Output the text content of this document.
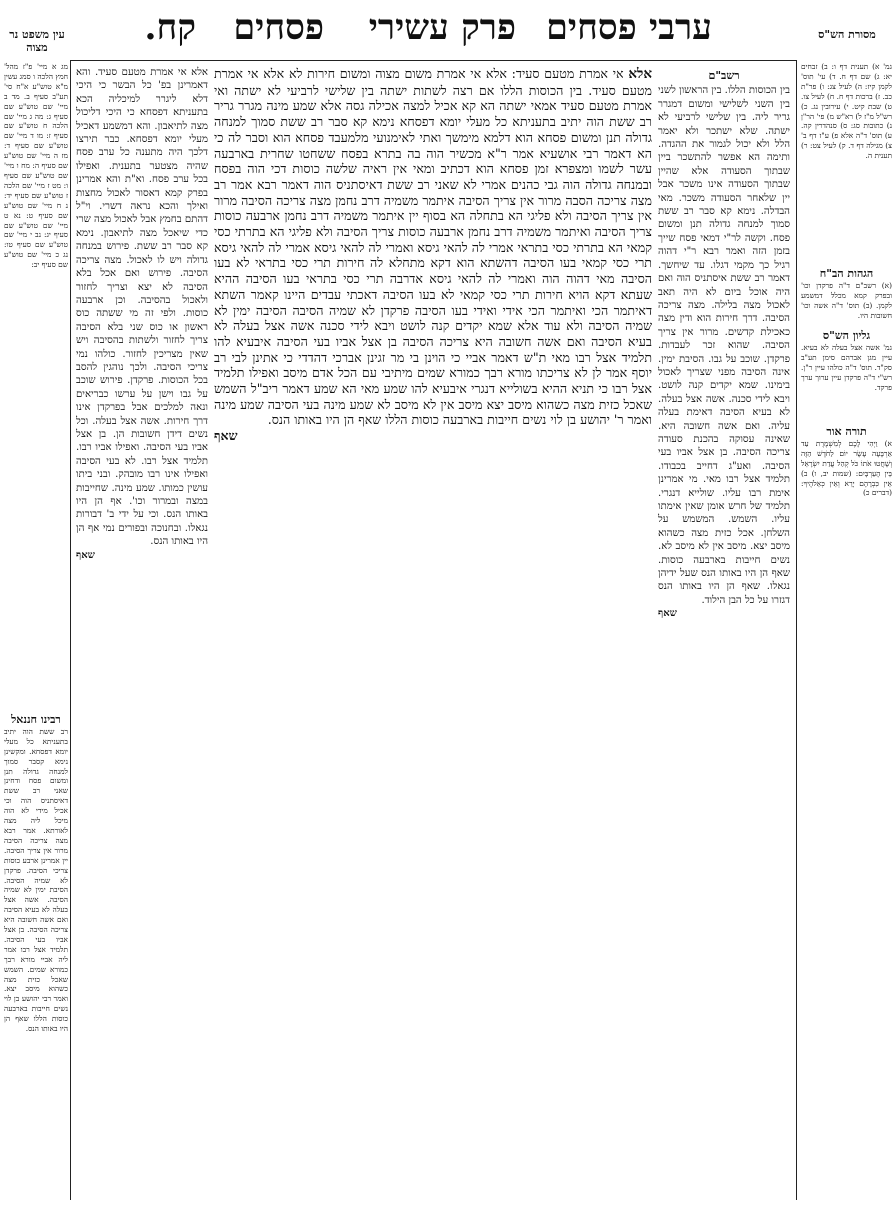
מסורת הש"ס
ערבי פסחים
פרק עשירי
פסחים
קח.
עין משפט נר מצוה

גמ' א) תענית דף ו: ב) זבחים יא: ג) שם דף ח. ד) עי' תוס' לקמן קיז: ה) לעיל צג: ו) פר"ת כב. ז) ברכות דף ח. ח) לעיל צו. ט) שבת קיט. י) עירובין נג. כ) רש"ל מ"ז ל) רא"ש מ) פי' הר"ן נ) כתובות סג: ס) סנהדרין קה. ע) תוס' ד"ה אלא פ) ע"ז דף ב' צ) מגילה דף ד. ק) לעיל צט: ר) תענית ה.

הגהות הב"ח

(א) רשב"ם ד"ה פרקדן וכו' ובפרק קמא מכלל דמשמע לקמן. (ב) תוס' ד"ה אשה וכו' חשובות היו.

גליון הש"ס

גמ' אשה אצל בעלה לא בעיא. עיין מגן אברהם סימן תע"ב סק"ד. תוס' ד"ה כולהו עיין ר"ן. רש"י ד"ה פרקדן עיין ערוך ערך פרקד.

תורה אור

א) וַיְהִי לָכֶם לְמִשְׁמֶרֶת עַד אַרְבָּעָה עָשָׂר יוֹם לַחֹדֶשׁ הַזֶּה וְשָׁחֲטוּ אֹתוֹ כֹּל קְהַל עֲדַת יִשְׂרָאֵל בֵּין הָעַרְבָּיִם: (שמות יב, ו) ב) אֵין כִּבְרָהָם יָרֵא וְאֵין כְּאֵלֹהֶיךָ: (דברים כ)

מג א מיי' פ"ז מהל' חמץ הלכה ו סמג עשין מ"א טוש"ע א"ח סי' תע"ב סעיף ב. מד ב מיי' שם טוש"ע שם סעיף ג: מה ג מיי' שם הלכה ח טוש"ע שם סעיף ז: מו ד מיי' שם טוש"ע שם סעיף ד: מז ה מיי' שם טוש"ע שם סעיף ה: מח ו מיי' שם טוש"ע שם סעיף ו: מט ז מיי' שם הלכה ז טוש"ע שם סעיף יד: נ ח מיי' שם טוש"ע שם סעיף ט: נא ט מיי' שם טוש"ע שם סעיף יג: נב י מיי' שם טוש"ע שם סעיף טו: נג כ מיי' שם טוש"ע שם סעיף יב:

רבינו חננאל

רב ששת הוה יתיב בתעניתא כל מעלי יומא דפסחא. ומקשינן נימא קסבר סמוך למנחה גדולה תנן ומשום פסח ודחינן שאני רב ששת דאיסתניס הוה וכי אכיל מידי לא הוה מיכל ליה מצה לאורתא. אמר רבא מצה צריכה הסיבה מרור אין צריך הסיבה. יין אמרינן ארבע כוסות צריכי הסיבה. פרקדן לא שמיה הסיבה. הסיבת ימין לא שמיה הסיבה. אשה אצל בעלה לא בעיא הסיבה ואם אשה חשובה היא צריכה הסיבה. בן אצל אביו בעי הסיבה. תלמיד אצל רבו אמר ליה אביי מורא רבך כמורא שמים. השמש שאכל כזית מצה כשהוא מיסב יצא. ואמר רבי יהושע בן לוי נשים חייבות בארבעה כוסות הללו שאף הן היו באותו הנס.

רשב"ם

בין הכוסות הללו. בין הראשון לשני בין השני לשלישי ומשום דמגרר גריר ליה. בין שלישי לרביעי לא ישתה. שלא ישתכר ולא יאמר הלל ולא יכול לגמור את ההגדה. ותימה הא אפשר להתשכר ביין שבתוך הסעודה אלא שהיין שבתוך הסעודה אינו משכר אבל יין שלאחר הסעודה משכר. מאי הבדלה. נימא קא סבר רב ששת סמוך למנחה גדולה תנן ומשום פסח. וקשה לר"י דמאי פסח שייך בזמן הזה ואמר רבא ר"י דהוה רגיל כך מקמי דגלו. עד שיחשך. דאמר רב ששת איסתניס הוה ואם היה אוכל ביום לא היה תאב לאכול מצה בלילה. מצה צריכה הסיבה. דרך חירות הוא ודין מצה כאכילת קדשים. מרור אין צריך הסיבה. שהוא זכר לעבדות. פרקדן. שוכב על גבו. הסיבת ימין. אינה הסיבה מפני שצריך לאכול בימינו. שמא יקדים קנה לושט. ויבא לידי סכנה. אשה אצל בעלה. לא בעיא הסיבה דאימת בעלה עליה. ואם אשה חשובה היא. שאינה עסוקה בהכנת סעודה צריכה הסיבה. בן אצל אביו בעי הסיבה. ואע"ג דחייב בכבודו. תלמיד אצל רבו מאי. מי אמרינן אימת רבו עליו. שולייא דנגרי. תלמיד של חרש אומן שאין אימתו עליו. השמש. המשמש על השלחן. אכל כזית מצה כשהוא מיסב יצא. מיסב אין לא מיסב לא. נשים חייבות בארבעה כוסות. שאף הן היו באותו הנס שעל ידיהן נגאלו. שאף הן היו באותו הנס דגזרו על כל הבן הילוד.

שאף

אלא אי אמרת מטעם סעיד. והא דאמרינן בפ' כל הבשר כי היכי דלא ליגרר למיכליה הכא בתעניתא דפסחא כי היכי דליכול מצה לתיאבון. והא דמשמע דאכיל מעלי יומא דפסחא. כבר תירצו דלכך היה מתענה כל ערב פסח שהיה מצטער בתענית. ואפילו בכל ערב פסח. וא"ת והא אמרינן בפרק קמא דאסור לאכול מחצות ואילך והכא נראה דשרי. וי"ל דהתם בחמץ אבל לאכול מצה שרי כדי שיאכל מצה לתיאבון. נימא קא סבר רב ששת. פירוש במנחה גדולה ויש לו לאכול. מצה צריכה הסיבה. פירוש ואם אכל בלא הסיבה לא יצא וצריך לחזור ולאכול בהסיבה. וכן ארבעה כוסות. ולפי זה מי ששתה כוס ראשון או כוס שני בלא הסיבה צריך לחזור ולשתות בהסיבה ויש שאין מצריכין לחזור. כולהו נמי צריכי הסיבה. ולכך נוהגין להסב בכל הכוסות. פרקדן. פירוש שוכב על גבו וישן על ערשו כבריאים ונאה למלכים אבל בפרקדן אינו דרך חירות. אשה אצל בעלה. וכל נשים דידן חשובות הן. בן אצל אביו בעי הסיבה. ואפילו אביו רבו. תלמיד אצל רבו. לא בעי הסיבה ואפילו אינו רבו מובהק. ובני ביתו עושין כמותו. שמע מינה. שחייבות במצה ובמרור וכו'. אף הן היו באותו הנס. וכי על ידי ב' דבורות נגאלו. ובחנוכה ובפורים נמי אף הן היו באותו הנס.

שאף
אלא אי אמרת מטעם סעיד: אלא אי אמרת משום מצוה ומשום חירות לא אלא אי אמרת מטעם סעיד. בין הכוסות הללו אם רצה לשתות ישתה בין שלישי לרביעי לא ישתה ואי אמרת מטעם סעיד אמאי ישתה הא קא אכיל למצה אכילה גסה אלא שמע מינה מגרר גריר רב ששת הוה יתיב בתעניתא כל מעלי יומא דפסחא נימא קא סבר רב ששת סמוך למנחה גדולה תנן ומשום פסחא הוא דלמא מימשך ואתי לאימנועי מלמעבד פסחא הוא וסבר לה כי הא דאמר רבי אושעיא אמר ר"א מכשיר הוה בה בתרא בפסח ששחטו שחרית בארבעה עשר לשמו ומצפרא זמן פסחא הוא דכתיב ומאי אין ראיה שלשה כוסות דכי הוה בפסח ובמנחה גדולה הוה גבי כהנים אמרי לא שאני רב ששת דאיסתניס הוה דאמר רבא אמר רב מצה צריכה הסבה מרור אין צריך הסיבה איתמר משמיה דרב נחמן מצה צריכה הסיבה מרור אין צריך הסיבה ולא פליגי הא בתחלה הא בסוף יין איתמר משמיה דרב נחמן ארבעה כוסות צריך הסיבה ואיתמר משמיה דרב נחמן ארבעה כוסות צריך הסיבה ולא פליגי הא בתרתי כסי קמאי הא בתרתי כסי בתראי אמרי לה להאי גיסא ואמרי לה להאי גיסא אמרי לה להאי גיסא תרי כסי קמאי בעו הסיבה דהשתא הוא דקא מתחלא לה חירות תרי כסי בתראי לא בעו הסיבה מאי דהוה הוה ואמרי לה להאי גיסא אדרבה תרי כסי בתראי בעו הסיבה ההיא שעתא דקא הויא חירות תרי כסי קמאי לא בעו הסיבה דאכתי עבדים היינו קאמר השתא דאיתמר הכי ואיתמר הכי אידי ואידי בעו הסיבה פרקדן לא שמיה הסיבה הסיבה ימין לא שמיה הסיבה ולא עוד אלא שמא יקדים קנה לושט ויבא לידי סכנה אשה אצל בעלה לא בעיא הסיבה ואם אשה חשובה היא צריכה הסיבה בן אצל אביו בעי הסיבה איבעיא להו תלמיד אצל רבו מאי ת"ש דאמר אביי כי הוינן בי מר זגינן אברכי דהדדי כי אתינן לבי רב יוסף אמר לן לא צריכתו מורא רבך כמורא שמים מיתיבי עם הכל אדם מיסב ואפילו תלמיד אצל רבו כי תניא ההיא בשולייא דנגרי איבעיא להו שמע מאי הא שמע דאמר ריב"ל השמש שאכל כזית מצה כשהוא מיסב יצא מיסב אין לא מיסב לא שמע מינה בעי הסיבה שמע מינה ואמר ר' יהושע בן לוי נשים חייבות בארבעה כוסות הללו שאף הן היו באותו הנס.
שאף
